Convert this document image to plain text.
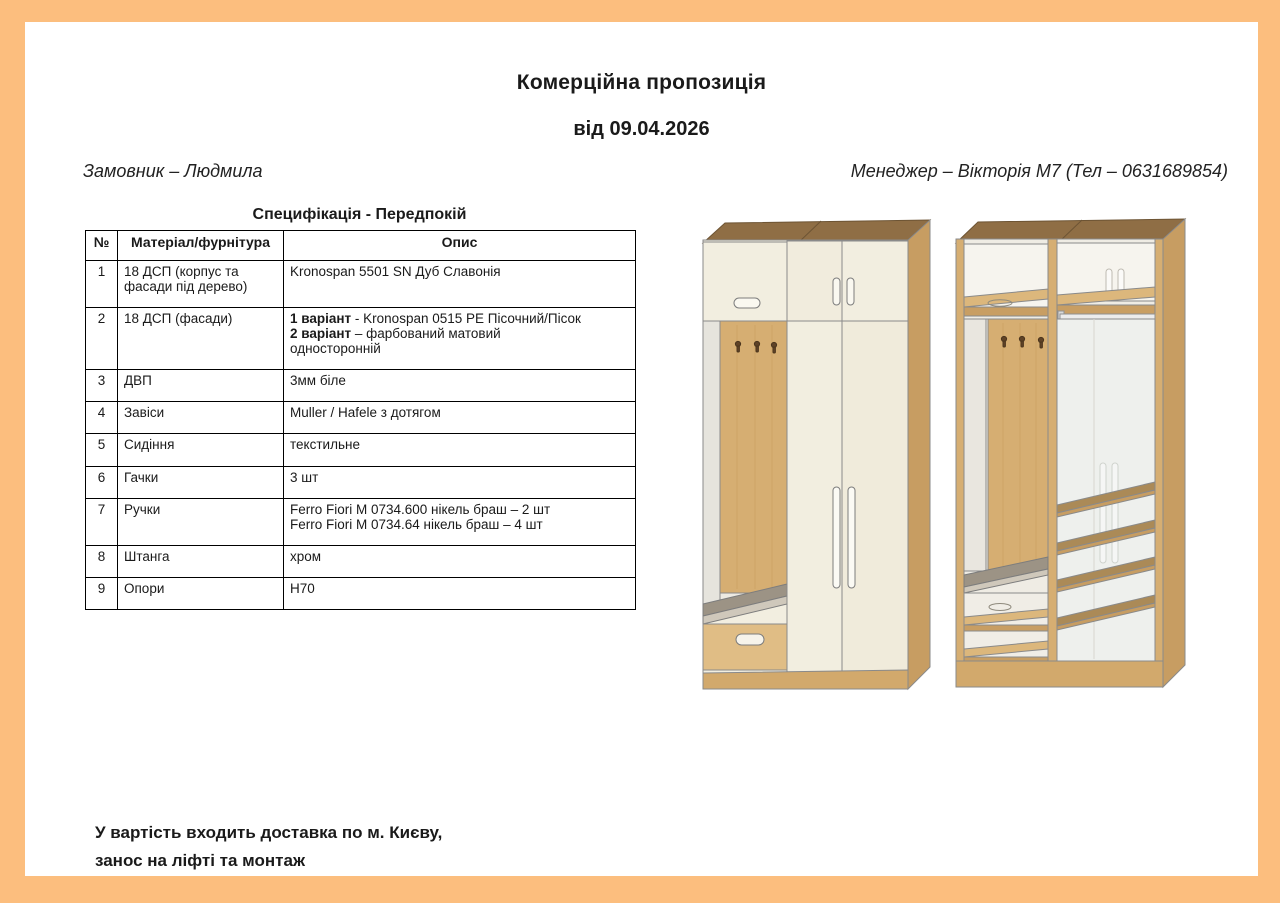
Комерційна пропозиція
від 09.04.2026
Замовник – Людмила	Менеджер – Вікторія М7 (Тел – 0631689854)
Специфікація - Передпокій
№	Матеріал/фурнітура	Опис
1	18 ДСП (корпус та фасади під дерево)	Kronospan 5501 SN Дуб Славонія

2	18 ДСП (фасади)	1 варіант - Kronospan 0515 PE Пісочний/Пісок
2 варіант – фарбований матовий
односторонній

3	ДВП	3мм біле

4	Завіси	Muller / Hafele з дотягом

5	Сидіння	текстильне

6	Гачки	3 шт

7	Ручки	Ferro Fiori M 0734.600 нікель браш – 2 шт
Ferro Fiori M 0734.64 нікель браш – 4 шт

8	Штанга	хром

9	Опори	H70
У вартість входить доставка по м. Києву,
занос на ліфті та монтаж
